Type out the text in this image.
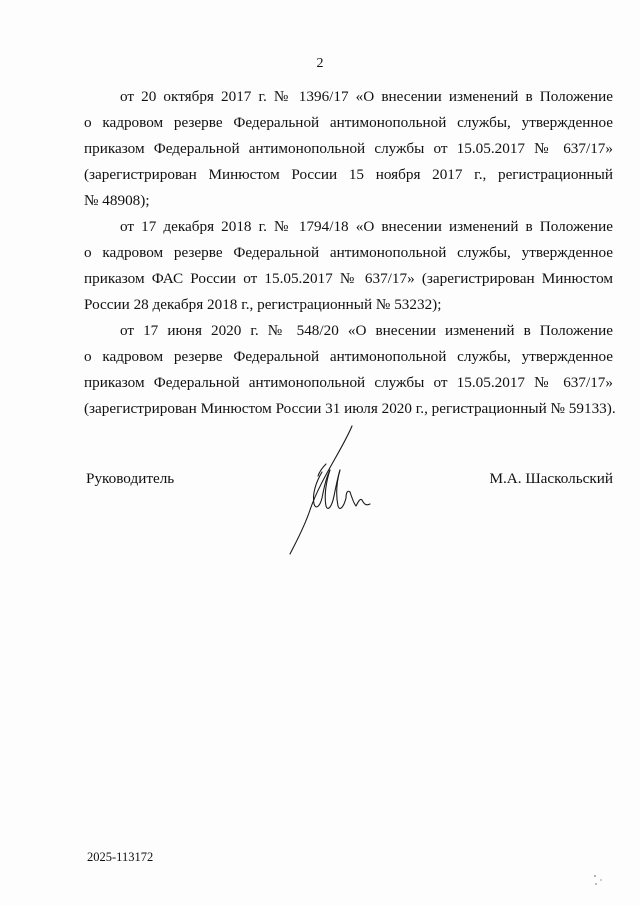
2

от 20 октября 2017 г. № 1396/17 «О внесении изменений в Положение
о кадровом резерве Федеральной антимонопольной службы, утвержденное
приказом Федеральной антимонопольной службы от 15.05.2017 № 637/17»
(зарегистрирован Минюстом России 15 ноября 2017 г., регистрационный
№ 48908);

от 17 декабря 2018 г. № 1794/18 «О внесении изменений в Положение
о кадровом резерве Федеральной антимонопольной службы, утвержденное
приказом ФАС России от 15.05.2017 № 637/17» (зарегистрирован Минюстом
России 28 декабря 2018 г., регистрационный № 53232);

от 17 июня 2020 г. № 548/20 «О внесении изменений в Положение
о кадровом резерве Федеральной антимонопольной службы, утвержденное
приказом Федеральной антимонопольной службы от 15.05.2017 № 637/17»
(зарегистрирован Минюстом России 31 июля 2020 г., регистрационный № 59133).

Руководитель	М.А. Шаскольский
2025-113172
